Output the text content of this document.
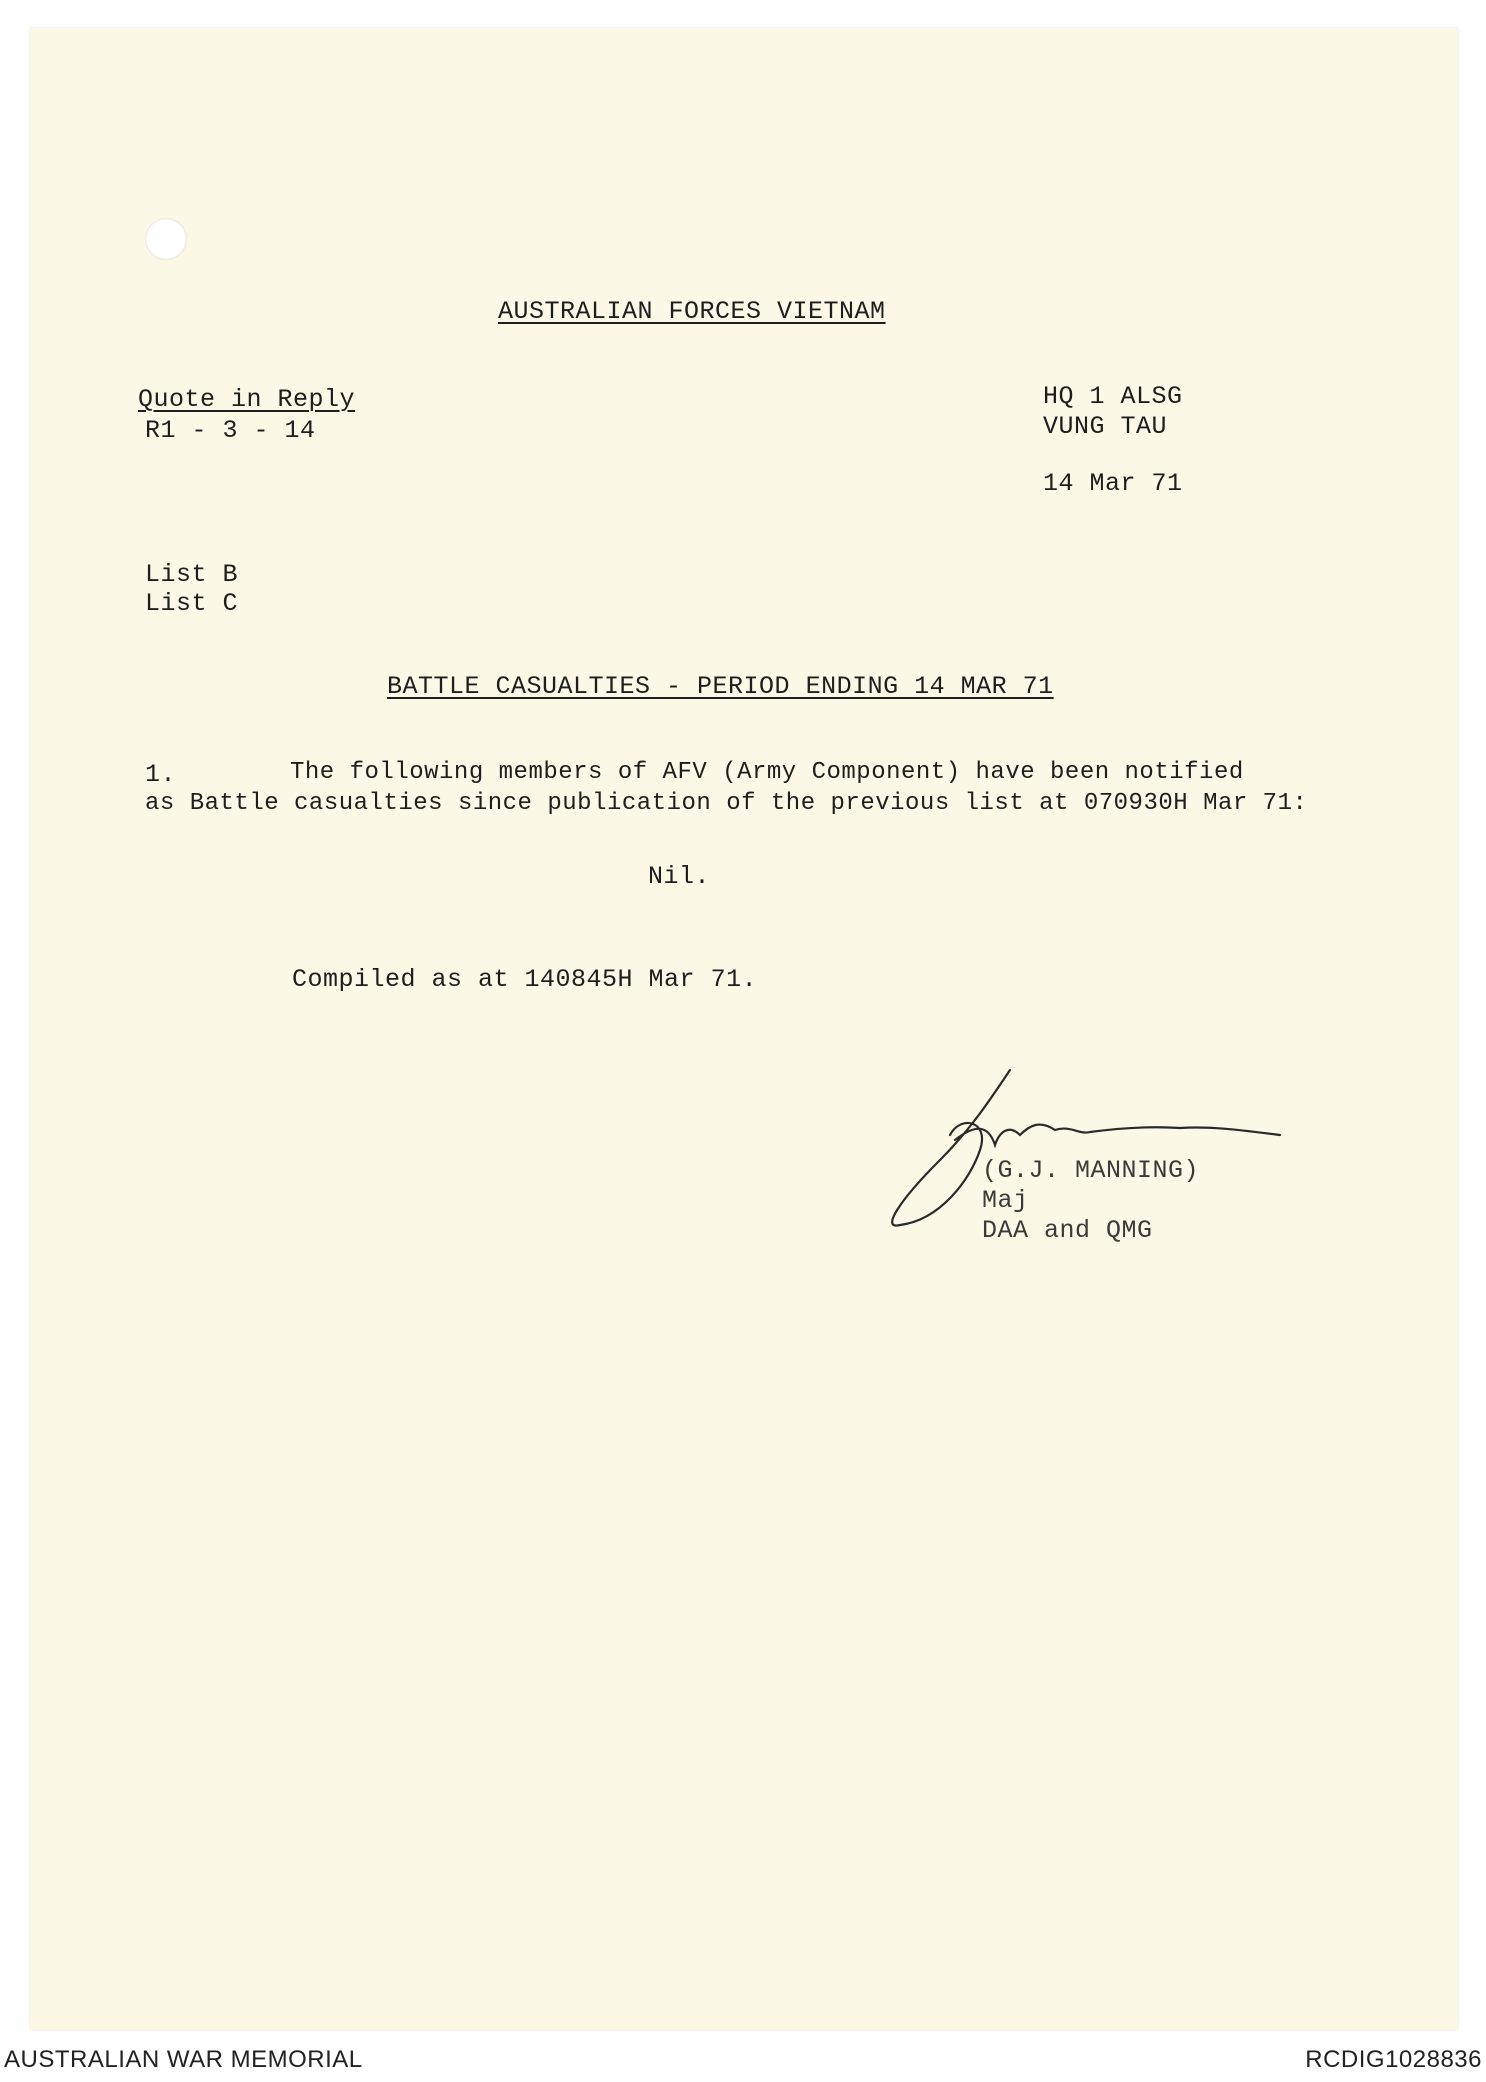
AUSTRALIAN FORCES VIETNAM
Quote in Reply
R1 - 3 - 14
HQ 1 ALSG
VUNG TAU
14 Mar 71
List B
List C
BATTLE CASUALTIES - PERIOD ENDING 14 MAR 71
1.	The following members of AFV (Army Component) have been notified
as Battle casualties since publication of the previous list at 070930H Mar 71:
Nil.
Compiled as at 140845H Mar 71.
(G.J. MANNING)
Maj
DAA and QMG
AUSTRALIAN WAR MEMORIAL	RCDIG1028836
